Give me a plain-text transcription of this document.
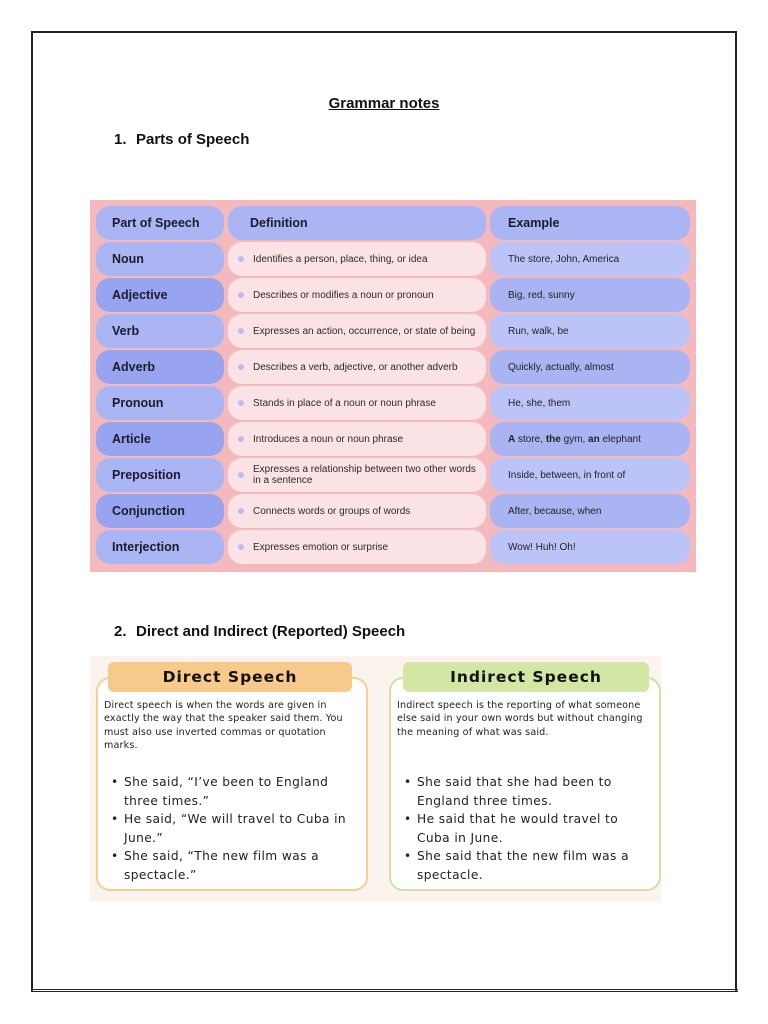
Grammar notes
1. Parts of Speech
Part of Speech	Definition	Example
Noun	Identifies a person, place, thing, or idea	The store, John, America
Adjective	Describes or modifies a noun or pronoun	Big, red, sunny
Verb	Expresses an action, occurrence, or state of being	Run, walk, be
Adverb	Describes a verb, adjective, or another adverb	Quickly, actually, almost
Pronoun	Stands in place of a noun or noun phrase	He, she, them
Article	Introduces a noun or noun phrase	A store, the gym, an elephant
Preposition	Expresses a relationship between two other words in a sentence	Inside, between, in front of
Conjunction	Connects words or groups of words	After, because, when
Interjection	Expresses emotion or surprise	Wow! Huh! Oh!
2. Direct and Indirect (Reported) Speech
Direct speech is when the words are given in exactly the way that the speaker said them. You must also use inverted commas or quotation marks.
• She said, “I’ve been to England three times.”
• He said, “We will travel to Cuba in June.”
• She said, “The new film was a spectacle.”
Indirect speech is the reporting of what someone else said in your own words but without changing the meaning of what was said.
• She said that she had been to England three times.
• He said that he would travel to Cuba in June.
• She said that the new film was a spectacle.
Direct Speech	Indirect Speech
